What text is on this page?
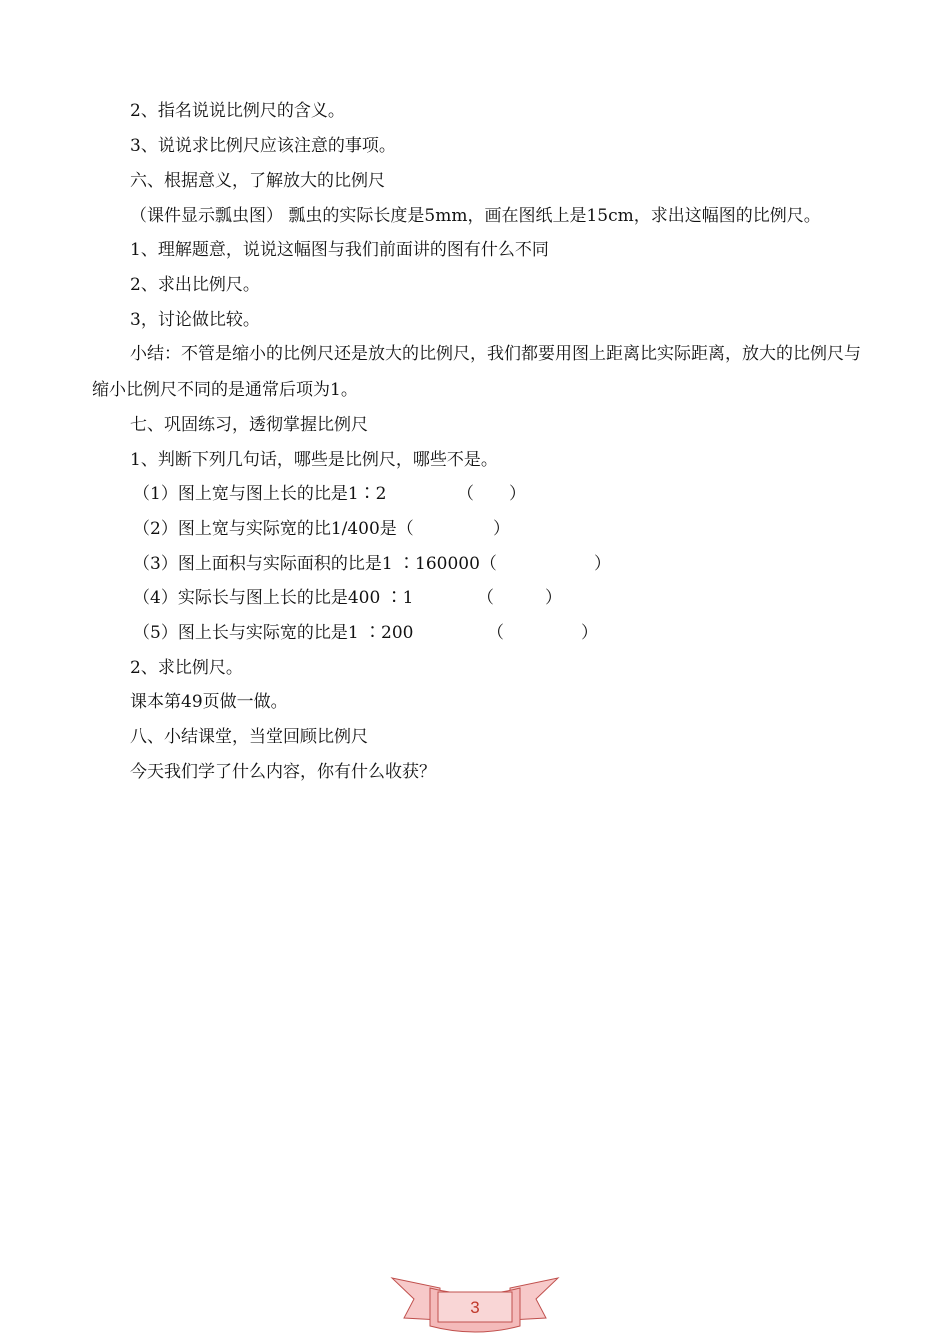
2、指名说说比例尺的含义。
3、说说求比例尺应该注意的事项。
六、根据意义，了解放大的比例尺
（课件显示瓢虫图） 瓢虫的实际长度是5mm，画在图纸上是15cm，求出这幅图的比例尺。
1、理解题意，说说这幅图与我们前面讲的图有什么不同
2、求出比例尺。
3，讨论做比较。
小结：不管是缩小的比例尺还是放大的比例尺，我们都要用图上距离比实际距离，放大的比例尺与缩小比例尺不同的是通常后项为1。
七、巩固练习，透彻掌握比例尺
1、判断下列几句话，哪些是比例尺，哪些不是。
（1）图上宽与图上长的比是1∶2	（ ）
（2）图上宽与实际宽的比1/400是（	）
（3）图上面积与实际面积的比是1 ∶160000（	）
（4）实际长与图上长的比是400 ∶1	（	）
（5）图上长与实际宽的比是1 ∶200	（	）
2、求比例尺。
课本第49页做一做。
八、小结课堂，当堂回顾比例尺
今天我们学了什么内容，你有什么收获？
3
